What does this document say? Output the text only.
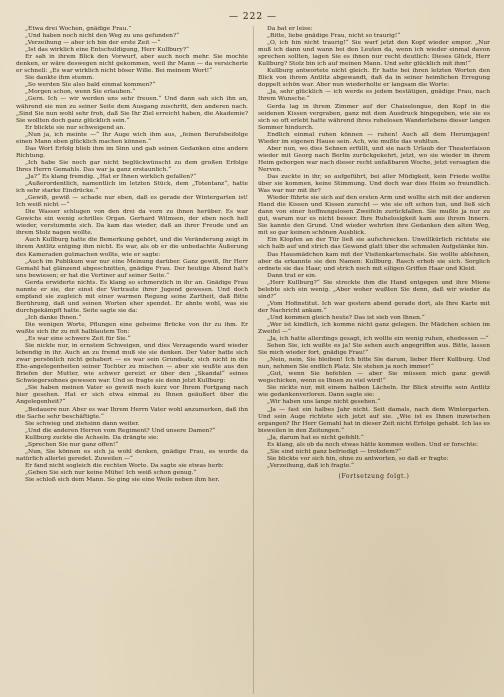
— 222 —

„Etwa drei Wochen, gnädige Frau.“

„Und haben noch nicht den Weg zu uns gefunden?“

„Verzeihung — aber ich bin der erste Zeit —“

„Ist das wirklich eine Entschuldigung, Herr Kullbury?“

Er sah in ihrem Blick den Vorwurf, aber auch noch mehr. Sie mochte denken, er wäre deswegen nicht gekommen, weil ihr Mann — da versicherte er schnell: „Es war wirklich nicht böser Wille. Bei meinem Wort!“

Sie dankte ihm stumm.

„So werden Sie also bald einmal kommen?“

„Morgen schon, wenn Sie erlauben.“

„Gern. Ich — wir werden uns sehr freuen.“ Und dann sah sich ihn an, während sie nun zu seiner Seite dem Ausgang zuschritt, den anderen nach. „Sind Sie nun wohl sehr froh, daß Sie Ihr Ziel erreicht haben, die Akademie? Sie wollten doch ganz glücklich sein.“

Er blickte sie nur schweigend an.

„Nun ja, ich meinte —“ Ihr Auge wich ihm aus, „feinen Berufsbeifolge einen Mann eben glücklich machen können.“

Das Wort Erfolg blieb ihm im Sinn und gab seinen Gedanken eine andere Richtung.

„Ich habe Sie noch gar nicht beglückwünscht zu dem großen Erfolge Ihres Herrn Gemahls. Das war ja ganz erstaunlich.“

„Ja?“ Es klang fremdig. „Hat er Ihnen wirklich gefallen?“

„Außerordentlich, namentlich im letzten Stück, dem „Totentanz“, hatte ich sehr starke Eindrücke.“

„Gewiß, gewiß — schade nur eben, daß es gerade der Wintergarten ist! Ich weiß nicht —“

Die Wasser schlugen von den drei da vorn zu ihnen herüber. Es war Gowichs ein wenig schrilles Organ. Gerhard Wilmsen, der eben noch hell wieder, verstummte sich. Da kam das wieder, daß an ihrer Freude und an ihrem Stolz nagen wollte.

Auch Kullburg hatte die Bemerkung gehört, und die Veränderung zeigt in ihrem Antlitz entging ihm nicht. Es war, als ob er die unbedachte Äußerung des Kameraden gutmachen wollte, wie er sagte:

„Auch im Publikum war nur eine Meinung darüber. Ganz gewiß, Ihr Herr Gemahl hat glänzend abgeschnitten, gnädige Frau. Der heutige Abend hat's uns bewiesen; er hat die Vertiner auf seiner Seite.“

Gerda erwiderte nichts. Es klang so schmerzlich in ihr an. Gnädige Frau nannte er sie, der einst der Vertraute ihrer Jugend gewesen. Und doch empfand sie zugleich mit einer warmen Regung seine Zartheit, daß Bitte Berührung, daß und seinen Worten eher spendet. Er ahnte wohl, was sie durchgekämpft hatte. Seite sagte sie da:

„Ich danke Ihnen.“

Die wenigen Worte, Pflungen eine geheime Brücke von ihr zu ihm. Er wußte sich ihr zu mit halblautem Ton:

„Es war eine schwere Zeit für Sie.“

Sie nickte nur, in ernstem Schweigen, und dies Verzagende ward wieder lebendig in ihr. Auch an zu fremd muß sie sie denken. Der Vater hatte sich zwar persönlich nicht gehabert — es war sein Grundsatz, sich nicht in die Ehe-angelegenheiten seiner Tochter zu mischen — aber sie wußte aus den Briefen der Mutter, wie schwer gereizt er über den „Skandal“ seines Schwiegersohnes gewesen war. Und so fragte sie denn jetzt Kullburg:

„Sie haben meinen Vater so gewiß noch kurz vor Ihrem Fortgang nach hier gesehen. Hat er sich etwa einmal zu Ihnen geäußert über die Angelegenheit?“

„Bedauere nur. Aber es war Ihrem Herrn Vater wohl anzumerken, daß ihn die Sache sehr beschäftigte.“

Sie schwieg und ziehsinn dann weiter.

„Und die anderen Herren vom Regiment? Und unsere Damen?“

Kullburg zuckte die Achseln. Da drängte sie:

„Sprechen Sie nur ganz offen!“

„Nun, Sie können es sich ja wohl denken, gnädige Frau, es wurde da natürlich allerlei geredet. Zuweilen —“

Er fand nicht sogleich die rechten Worte. Da sagte sie etwas herb:

„Geben Sie sich nur keine Mühe! Ich weiß schon genug.“

Sie schloß sich dem Mann. So ging sie eine Weile neben ihm her.

Da bat er leise:

„Bitte, liebe gnädige Frau, nicht so traurig!“

„O, ich bin nicht traurig!“ Sie warf jetzt den Kopf wieder empor. „Nur muß ich dann und wann bei den Leuten da, wenn ich wieder einmal davon sprechen sollten, lagen Sie es ihnen nur recht deutlich: Dieses Glück, Herr Kullburg? Stolz bin ich auf meinen Mann. Und sehr glücklich mit ihm!“

Kullburg antwortete nicht gleich. Er hatte bei ihren letzten Worten den Blick von ihrem Antlitz abgewandt, daß da in seiner heimlichen Erregung doppelt schön war. Aber nun wiederholte er langsam die Worte:

„Ja, sehr glücklich — ich werde es jedem bestätigen, gnädige Frau, nach Ihrem Wunsche.“

Gerda lag in ihrem Zimmer auf der Chaiselongue, den Kopf in die seidenen Kissen vergraben, ganz mit dem Ausdruck hingegeben, wie sie es sich so oft erlebt hatte während ihres ruhelosen Wanderlebens dieser langen Sommer hindurch.

Endlich einmal ruhen können — ruhen! Auch all dem Herumjagen! Wieder im eigenen Hause sein. Ach, wie mußte das wohltun.

Aber nun, wo dies Sehnen erfüllt, und sie nach Urlaub der Theaterfaison wieder mit Georg nach Berlin zurückgekehrt, jetzt, wo sie wieder in ihrem Heim geborgen war nach dieser recht unfaßbaren Woche, jetzt versagten die Nerven.

Das zuckte in ihr, so aufgeführt, bei aller Müdigkeit, kein Friede wollte über sie kommen, keine Stimmung. Und doch war dies Heim so freundlich. Was war nur mit ihr?

Wieder führte sie sich auf den ersten Arm und wollte sich mit der anderen Hand die Kissen und Kissen zurecht — wie sie oft schon tun, und ließ sich dann von einer hoffnungslosen Zweifeln zurückfallen. Sie mußte ja nur zu gut, warum nur es nicht besser. Ihre Ruhelosigkeit kam aus ihrem Innern. Sie kannte den Grund. Und wieder wehrten ihre Gedanken den alten Weg, mit so gar keinen schönen Ausblick.

Ein Klopfen an der Tür ließ sie aufschrecken. Unwillkürlich richtete sie sich halb auf und strich das Gewand glatt über die schmalen Aufgelänke hin.

Das Hausmädchen kam mit der Visitenkartenschale. Sie wollte ablehnen, aber da erkannte sie den Namen: Kullburg. Rasch erhob sie sich. Sorglich ordnete sie das Haar, und strich noch mit eiligen Griffen Haar und Kleid.

Dann trat er ein.

„Herr Kullburg?“ Sie streckte ihm die Hand entgegen und ihre Miene belebte sich ein wenig. „Aber woher wußten Sie denn, daß wir wieder da sind?“

„Vom Hofinstitut. Ich war gestern abend gerade dort, als Ihre Karte mit der Nachricht ankam.“

„Und kommen gleich heute? Das ist sieb von Ihnen.“

„Wer ist kindlich, ich komme nicht ganz gelegen. Ihr Mädchen schien im Zweifel —“

„Ja, ich hatte allerdings gesagt, ich wollte ein wenig ruhen, ehedessen —“

Sehen Sie, ich wußte es ja! Sie sehen auch angegriffen aus. Bitte, lassen Sie mich wieder fort, gnädige Frau!“

„Nein, nein, Sie bleiben! Ich bitte Sie darum, lieber Herr Kullburg. Und nun, nehmen Sie endlich Platz. Sie stehen ja noch immer!“

„Gut, wenn Sie befehlen — aber Sie müssen mich ganz gewiß wegschicken, wenn es Ihnen zu viel wird!“

Sie nickte nur, mit einem halben Lächeln. Ihr Blick streifte sein Antlitz wie gedankenverloren. Dann sagte sie:

„Wir haben uns lange nicht gesehen.“

„Ja — fast ein halbes Jahr nicht. Seit damals, nach dem Wintergarten. Und sein Auge richtete sich jetzt auf sie. „Wie ist es Ihnen inzwischen ergangen? Ihr Herr Gemahl hat in dieser Zeit nicht Erfolge gehabt. Ich las es bisweilen in den Zeitungen.“

„Ja, darum hat es nicht gefehlt.“

Es klang, als ob da noch etwas hätte kommen wollen. Und er forschte:

„Sie sind nicht ganz befriedigt — trotzdem?“

Sie blickte vor sich hin, ohne zu antworten, so daß er fragte:

„Verzeihung, daß ich fragte.“

(Fortsetzung folgt.)
